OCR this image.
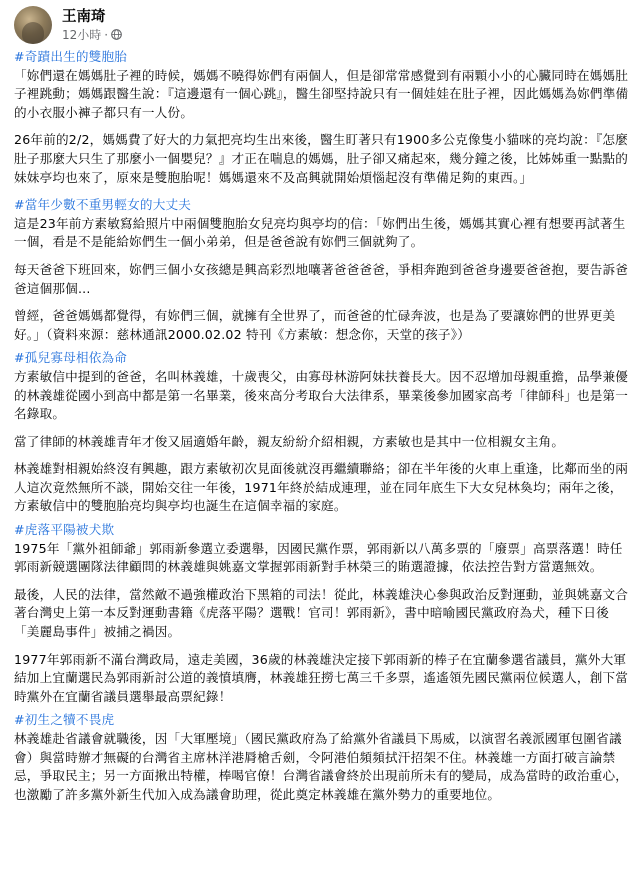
王南琦
12小時 ·
#奇蹟出生的雙胞胎
「妳們還在媽媽肚子裡的時候，媽媽不曉得妳們有兩個人，但是卻常常感覺到有兩顆小小的心臟同時在媽媽肚子裡跳動；媽媽跟醫生說：『這邊還有一個心跳』，醫生卻堅持說只有一個娃娃在肚子裡，因此媽媽為妳們準備的小衣服小褲子都只有一人份。
26年前的2/2，媽媽費了好大的力氣把亮均生出來後，醫生盯著只有1900多公克像隻小貓咪的亮均說：『怎麼肚子那麼大只生了那麼小一個嬰兒？』才正在喘息的媽媽，肚子卻又痛起來，幾分鐘之後，比姊姊重一點點的妹妹亭均也來了，原來是雙胞胎呢！媽媽還來不及高興就開始煩惱起沒有準備足夠的東西。」
#當年少數不重男輕女的大丈夫
這是23年前方素敏寫給照片中兩個雙胞胎女兒亮均與亭均的信：「妳們出生後，媽媽其實心裡有想要再試著生一個，看是不是能給妳們生一個小弟弟，但是爸爸說有妳們三個就夠了。
每天爸爸下班回來，妳們三個小女孩總是興高彩烈地嚷著爸爸爸爸，爭相奔跑到爸爸身邊要爸爸抱，要告訴爸爸這個那個...
曾經，爸爸媽媽都覺得，有妳們三個，就擁有全世界了，而爸爸的忙碌奔波，也是為了要讓妳們的世界更美好。」（資料來源：慈林通訊2000.02.02 特刊《方素敏：想念你，天堂的孩子》）
#孤兒寡母相依為命
方素敏信中提到的爸爸，名叫林義雄，十歲喪父，由寡母林游阿妹扶養長大。因不忍增加母親重擔，品學兼優的林義雄從國小到高中都是第一名畢業，後來高分考取台大法律系，畢業後參加國家高考「律師科」也是第一名錄取。
當了律師的林義雄青年才俊又屆適婚年齡，親友紛紛介紹相親，方素敏也是其中一位相親女主角。
林義雄對相親始終沒有興趣，跟方素敏初次見面後就沒再繼續聯絡；卻在半年後的火車上重逢，比鄰而坐的兩人這次竟然無所不談，開始交往一年後，1971年終於結成連理，並在同年底生下大女兒林奐均；兩年之後，方素敏信中的雙胞胎亮均與亭均也誕生在這個幸福的家庭。
#虎落平陽被犬欺
1975年「黨外祖師爺」郭雨新參選立委選舉，因國民黨作票，郭雨新以八萬多票的「廢票」高票落選！時任郭雨新競選團隊法律顧問的林義雄與姚嘉文掌握郭雨新對手林榮三的賄選證據，依法控告對方當選無效。
最後，人民的法律，當然敵不過強權政治下黑箱的司法！從此，林義雄決心參與政治反對運動，並與姚嘉文合著台灣史上第一本反對運動書籍《虎落平陽？選戰！官司！郭雨新》，書中暗喻國民黨政府為犬，種下日後「美麗島事件」被捕之禍因。
1977年郭雨新不滿台灣政局，遠走美國，36歲的林義雄決定接下郭雨新的棒子在宜蘭參選省議員，黨外大軍結加上宜蘭選民為郭雨新討公道的義憤填膺，林義雄狂撈七萬三千多票，遙遙領先國民黨兩位候選人，創下當時黨外在宜蘭省議員選舉最高票紀錄！
#初生之犢不畏虎
林義雄赴省議會就職後，因「大軍壓境」（國民黨政府為了給黨外省議員下馬威，以演習名義派國軍包圍省議會）與當時辦才無礙的台灣省主席林洋港脣槍舌劍，令阿港伯頻頻拭汗招架不住。林義雄一方面打破言論禁忌，爭取民主；另一方面揪出特權，棒喝官僚！台灣省議會終於出現前所未有的變局，成為當時的政治重心，也激勵了許多黨外新生代加入成為議會助理，從此奠定林義雄在黨外勢力的重要地位。
